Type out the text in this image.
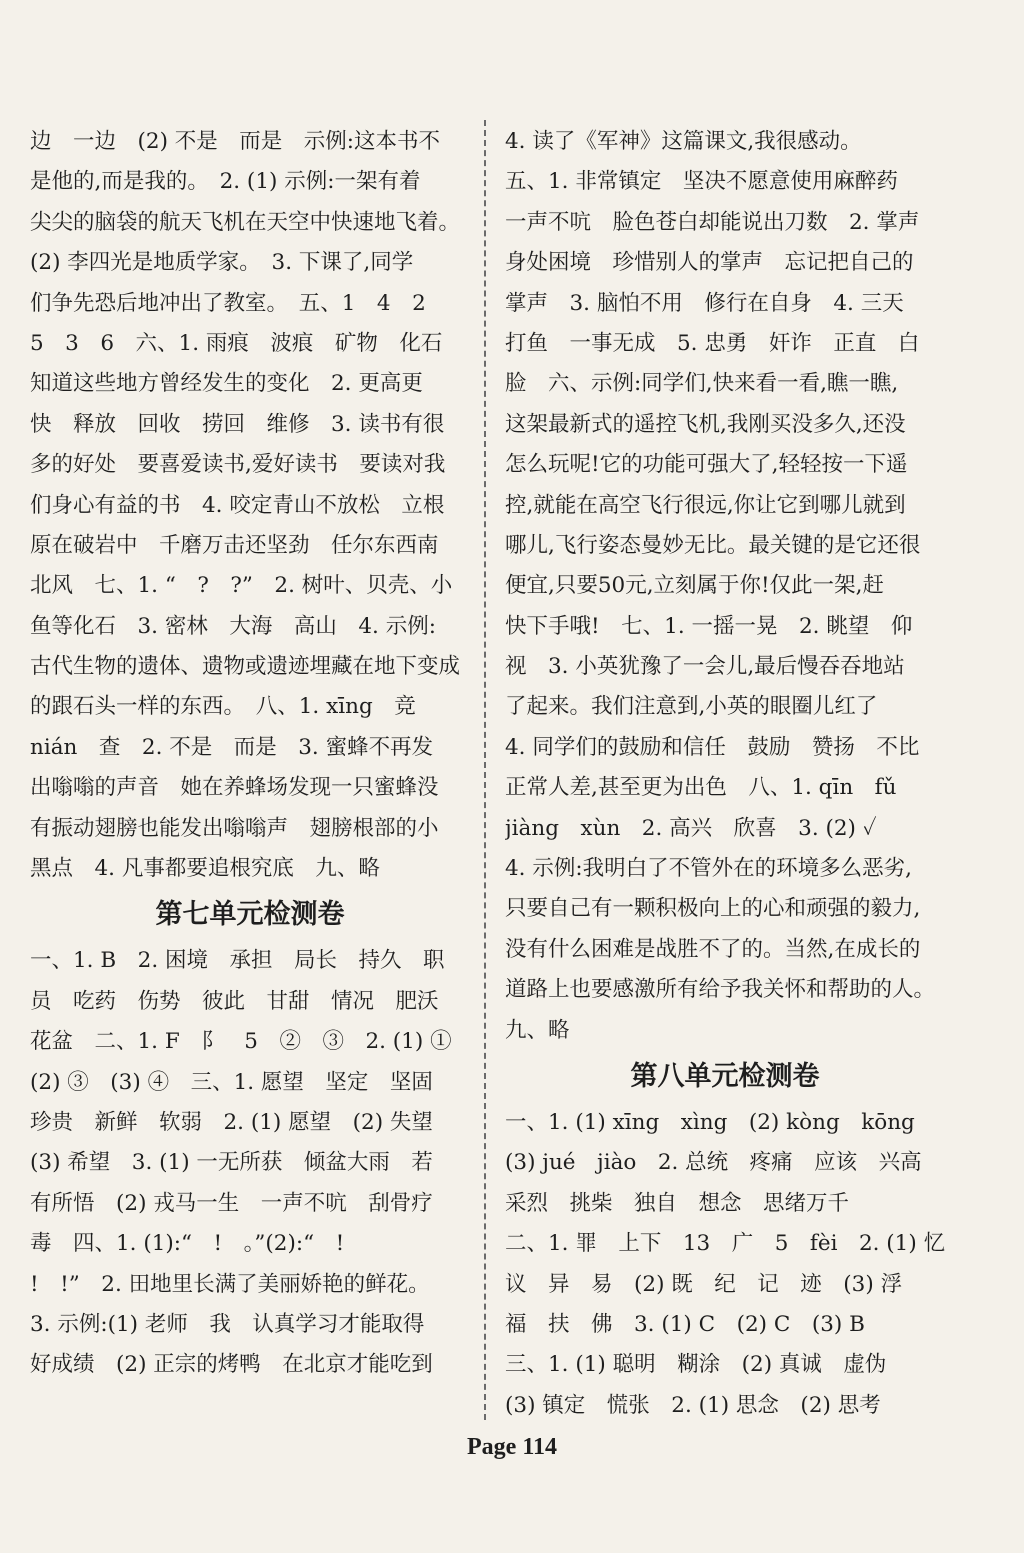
边　一边　(2) 不是　而是　示例:这本书不
是他的,而是我的。　2. (1) 示例:一架有着
尖尖的脑袋的航天飞机在天空中快速地飞着。
(2) 李四光是地质学家。　3. 下课了,同学
们争先恐后地冲出了教室。　五、1　4　2
5　3　6　六、1. 雨痕　波痕　矿物　化石
知道这些地方曾经发生的变化　2. 更高更
快　释放　回收　捞回　维修　3. 读书有很
多的好处　要喜爱读书,爱好读书　要读对我
们身心有益的书　4. 咬定青山不放松　立根
原在破岩中　千磨万击还坚劲　任尔东西南
北风　七、1. “　?　?”　2. 树叶、贝壳、小
鱼等化石　3. 密林　大海　高山　4. 示例:
古代生物的遗体、遗物或遗迹埋藏在地下变成
的跟石头一样的东西。　八、1. xīng　竞
nián　查　2. 不是　而是　3. 蜜蜂不再发
出嗡嗡的声音　她在养蜂场发现一只蜜蜂没
有振动翅膀也能发出嗡嗡声　翅膀根部的小
黑点　4. 凡事都要追根究底　九、略
第七单元检测卷
一、1. B　2. 困境　承担　局长　持久　职
员　吃药　伤势　彼此　甘甜　情况　肥沃
花盆　二、1. F　阝　5　②　③　2. (1) ①
(2) ③　(3) ④　三、1. 愿望　坚定　坚固
珍贵　新鲜　软弱　2. (1) 愿望　(2) 失望
(3) 希望　3. (1) 一无所获　倾盆大雨　若
有所悟　(2) 戎马一生　一声不吭　刮骨疗
毒　四、1. (1):“　!　。”(2):“　!
!　!”　2. 田地里长满了美丽娇艳的鲜花。
3. 示例:(1) 老师　我　认真学习才能取得
好成绩　(2) 正宗的烤鸭　在北京才能吃到
4. 读了《军神》这篇课文,我很感动。
五、1. 非常镇定　坚决不愿意使用麻醉药
一声不吭　脸色苍白却能说出刀数　2. 掌声
身处困境　珍惜别人的掌声　忘记把自己的
掌声　3. 脑怕不用　修行在自身　4. 三天
打鱼　一事无成　5. 忠勇　奸诈　正直　白
脸　六、示例:同学们,快来看一看,瞧一瞧,
这架最新式的遥控飞机,我刚买没多久,还没
怎么玩呢!它的功能可强大了,轻轻按一下遥
控,就能在高空飞行很远,你让它到哪儿就到
哪儿,飞行姿态曼妙无比。最关键的是它还很
便宜,只要50元,立刻属于你!仅此一架,赶
快下手哦!　七、1. 一摇一晃　2. 眺望　仰
视　3. 小英犹豫了一会儿,最后慢吞吞地站
了起来。我们注意到,小英的眼圈儿红了
4. 同学们的鼓励和信任　鼓励　赞扬　不比
正常人差,甚至更为出色　八、1. qīn　fǔ
jiàng　xùn　2. 高兴　欣喜　3. (2) ✓
4. 示例:我明白了不管外在的环境多么恶劣,
只要自己有一颗积极向上的心和顽强的毅力,
没有什么困难是战胜不了的。当然,在成长的
道路上也要感激所有给予我关怀和帮助的人。
九、略
第八单元检测卷
一、1. (1) xīng　xìng　(2) kòng　kōng
(3) jué　jiào　2. 总统　疼痛　应该　兴高
采烈　挑柴　独自　想念　思绪万千
二、1. 罪　上下　13　广　5　fèi　2. (1) 忆
议　异　易　(2) 既　纪　记　迹　(3) 浮
福　扶　佛　3. (1) C　(2) C　(3) B
三、1. (1) 聪明　糊涂　(2) 真诚　虚伪
(3) 镇定　慌张　2. (1) 思念　(2) 思考
Page 114
